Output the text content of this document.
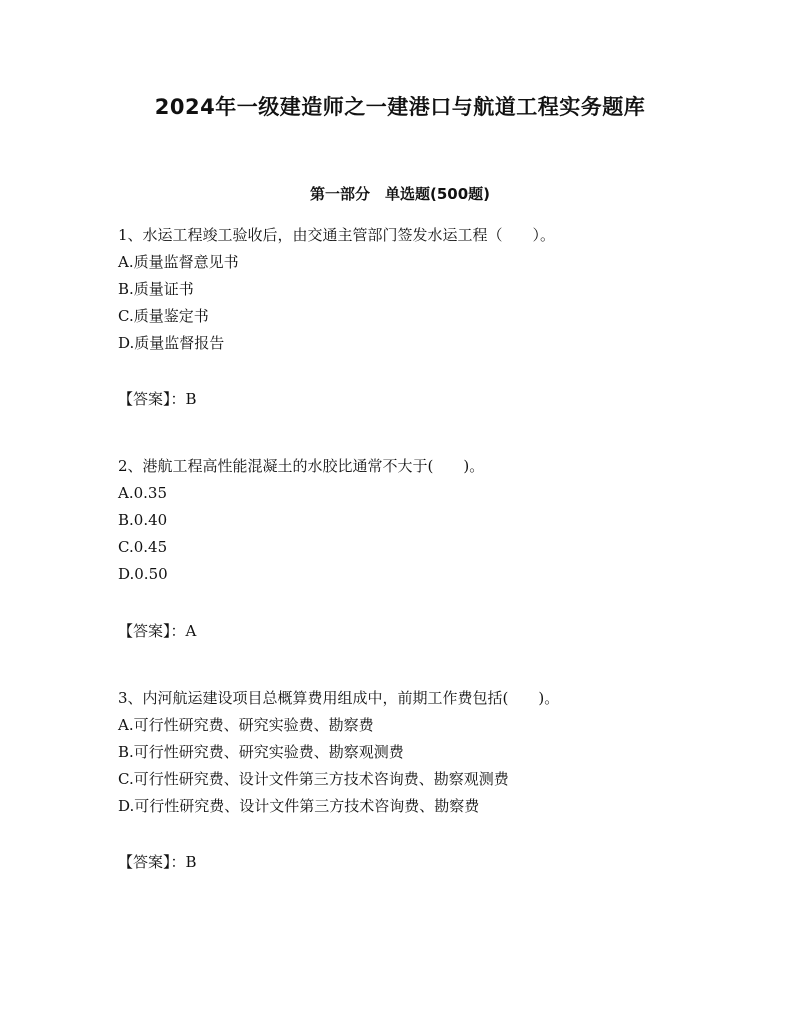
2024年一级建造师之一建港口与航道工程实务题库
第一部分　单选题(500题)
1、水运工程竣工验收后，由交通主管部门签发水运工程（　　）。
A.质量监督意见书
B.质量证书
C.质量鉴定书
D.质量监督报告
【答案】：B
2、港航工程高性能混凝土的水胶比通常不大于(　　)。
A.0.35
B.0.40
C.0.45
D.0.50
【答案】：A
3、内河航运建设项目总概算费用组成中，前期工作费包括(　　)。
A.可行性研究费、研究实验费、勘察费
B.可行性研究费、研究实验费、勘察观测费
C.可行性研究费、设计文件第三方技术咨询费、勘察观测费
D.可行性研究费、设计文件第三方技术咨询费、勘察费
【答案】：B
